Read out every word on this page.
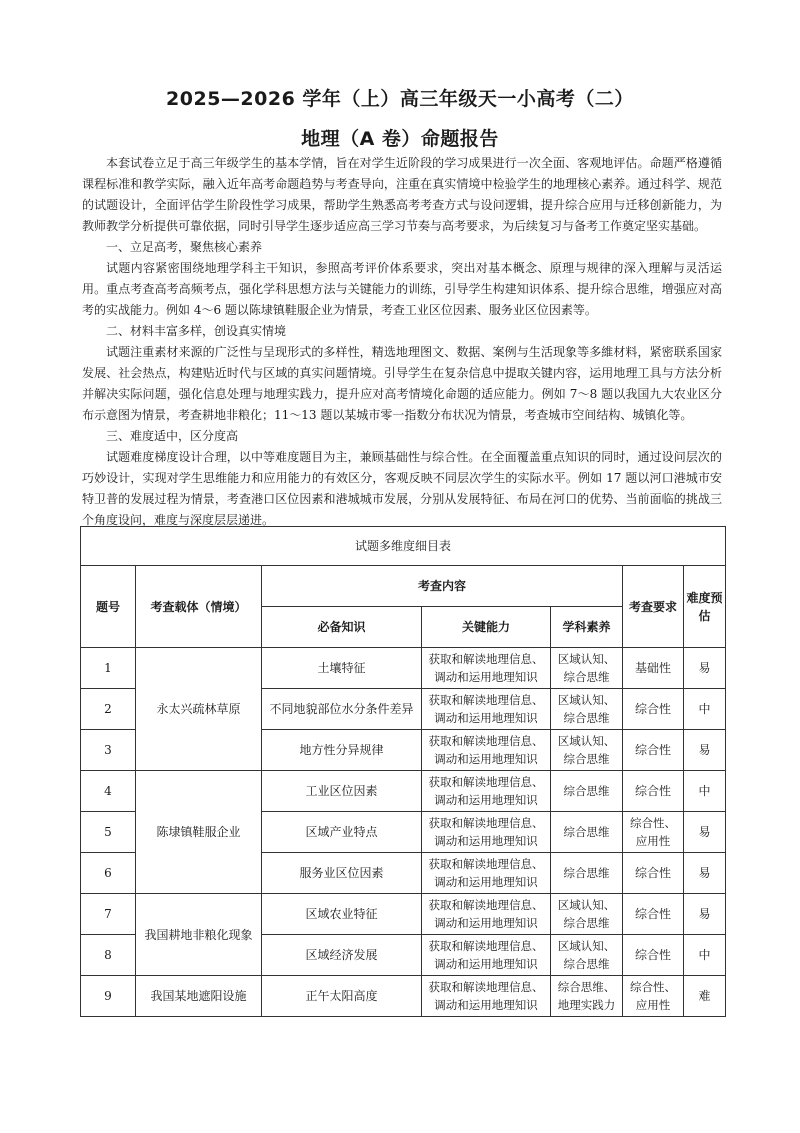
2025—2026 学年（上）高三年级天一小高考（二）
地理（A 卷）命题报告

本套试卷立足于高三年级学生的基本学情，旨在对学生近阶段的学习成果进行一次全面、客观地评估。命题严格遵循课程标准和教学实际，融入近年高考命题趋势与考查导向，注重在真实情境中检验学生的地理核心素养。通过科学、规范的试题设计，全面评估学生阶段性学习成果，帮助学生熟悉高考考查方式与设问逻辑，提升综合应用与迁移创新能力，为教师教学分析提供可靠依据，同时引导学生逐步适应高三学习节奏与高考要求，为后续复习与备考工作奠定坚实基础。

一、立足高考，聚焦核心素养

试题内容紧密围绕地理学科主干知识，参照高考评价体系要求，突出对基本概念、原理与规律的深入理解与灵活运用。重点考查高考高频考点，强化学科思想方法与关键能力的训练，引导学生构建知识体系、提升综合思维，增强应对高考的实战能力。例如 4～6 题以陈埭镇鞋服企业为情景，考查工业区位因素、服务业区位因素等。

二、材料丰富多样，创设真实情境

试题注重素材来源的广泛性与呈现形式的多样性，精选地理图文、数据、案例与生活现象等多維材料，紧密联系国家发展、社会热点，构建贴近时代与区域的真实问题情境。引导学生在复杂信息中提取关键内容，运用地理工具与方法分析并解决实际问题，强化信息处理与地理实践力，提升应对高考情境化命题的适应能力。例如 7～8 题以我国九大农业区分布示意图为情景，考查耕地非粮化；11～13 题以某城市零一指数分布状况为情景，考查城市空间结构、城镇化等。

三、难度适中，区分度高

试题难度梯度设计合理，以中等难度题目为主，兼顾基础性与综合性。在全面覆盖重点知识的同时，通过设问层次的巧妙设计，实现对学生思维能力和应用能力的有效区分，客观反映不同层次学生的实际水平。例如 17 题以河口港城市安特卫普的发展过程为情景，考查港口区位因素和港城城市发展，分别从发展特征、布局在河口的优势、当前面临的挑战三个角度设问，难度与深度层层递进。

试题多维度细目表						
题号	考查载体（情境）	考查内容			考查要求	难度预估
		必备知识	关键能力	学科素养		
1	永太兴疏林草原	土壤特征	获取和解读地理信息、调动和运用地理知识	区域认知、综合思维	基础性	易
2		不同地貌部位水分条件差异	获取和解读地理信息、调动和运用地理知识	区域认知、综合思维	综合性	中
3		地方性分异规律	获取和解读地理信息、调动和运用地理知识	区域认知、综合思维	综合性	易
4	陈埭镇鞋服企业	工业区位因素	获取和解读地理信息、调动和运用地理知识	综合思维	综合性	中
5		区域产业特点	获取和解读地理信息、调动和运用地理知识	综合思维	综合性、应用性	易
6		服务业区位因素	获取和解读地理信息、调动和运用地理知识	综合思维	综合性	易
7	我国耕地非粮化现象	区域农业特征	获取和解读地理信息、调动和运用地理知识	区域认知、综合思维	综合性	易
8		区域经济发展	获取和解读地理信息、调动和运用地理知识	区域认知、综合思维	综合性	中
9	我国某地遮阳设施	正午太阳高度	获取和解读地理信息、调动和运用地理知识	综合思维、地理实践力	综合性、应用性	难
